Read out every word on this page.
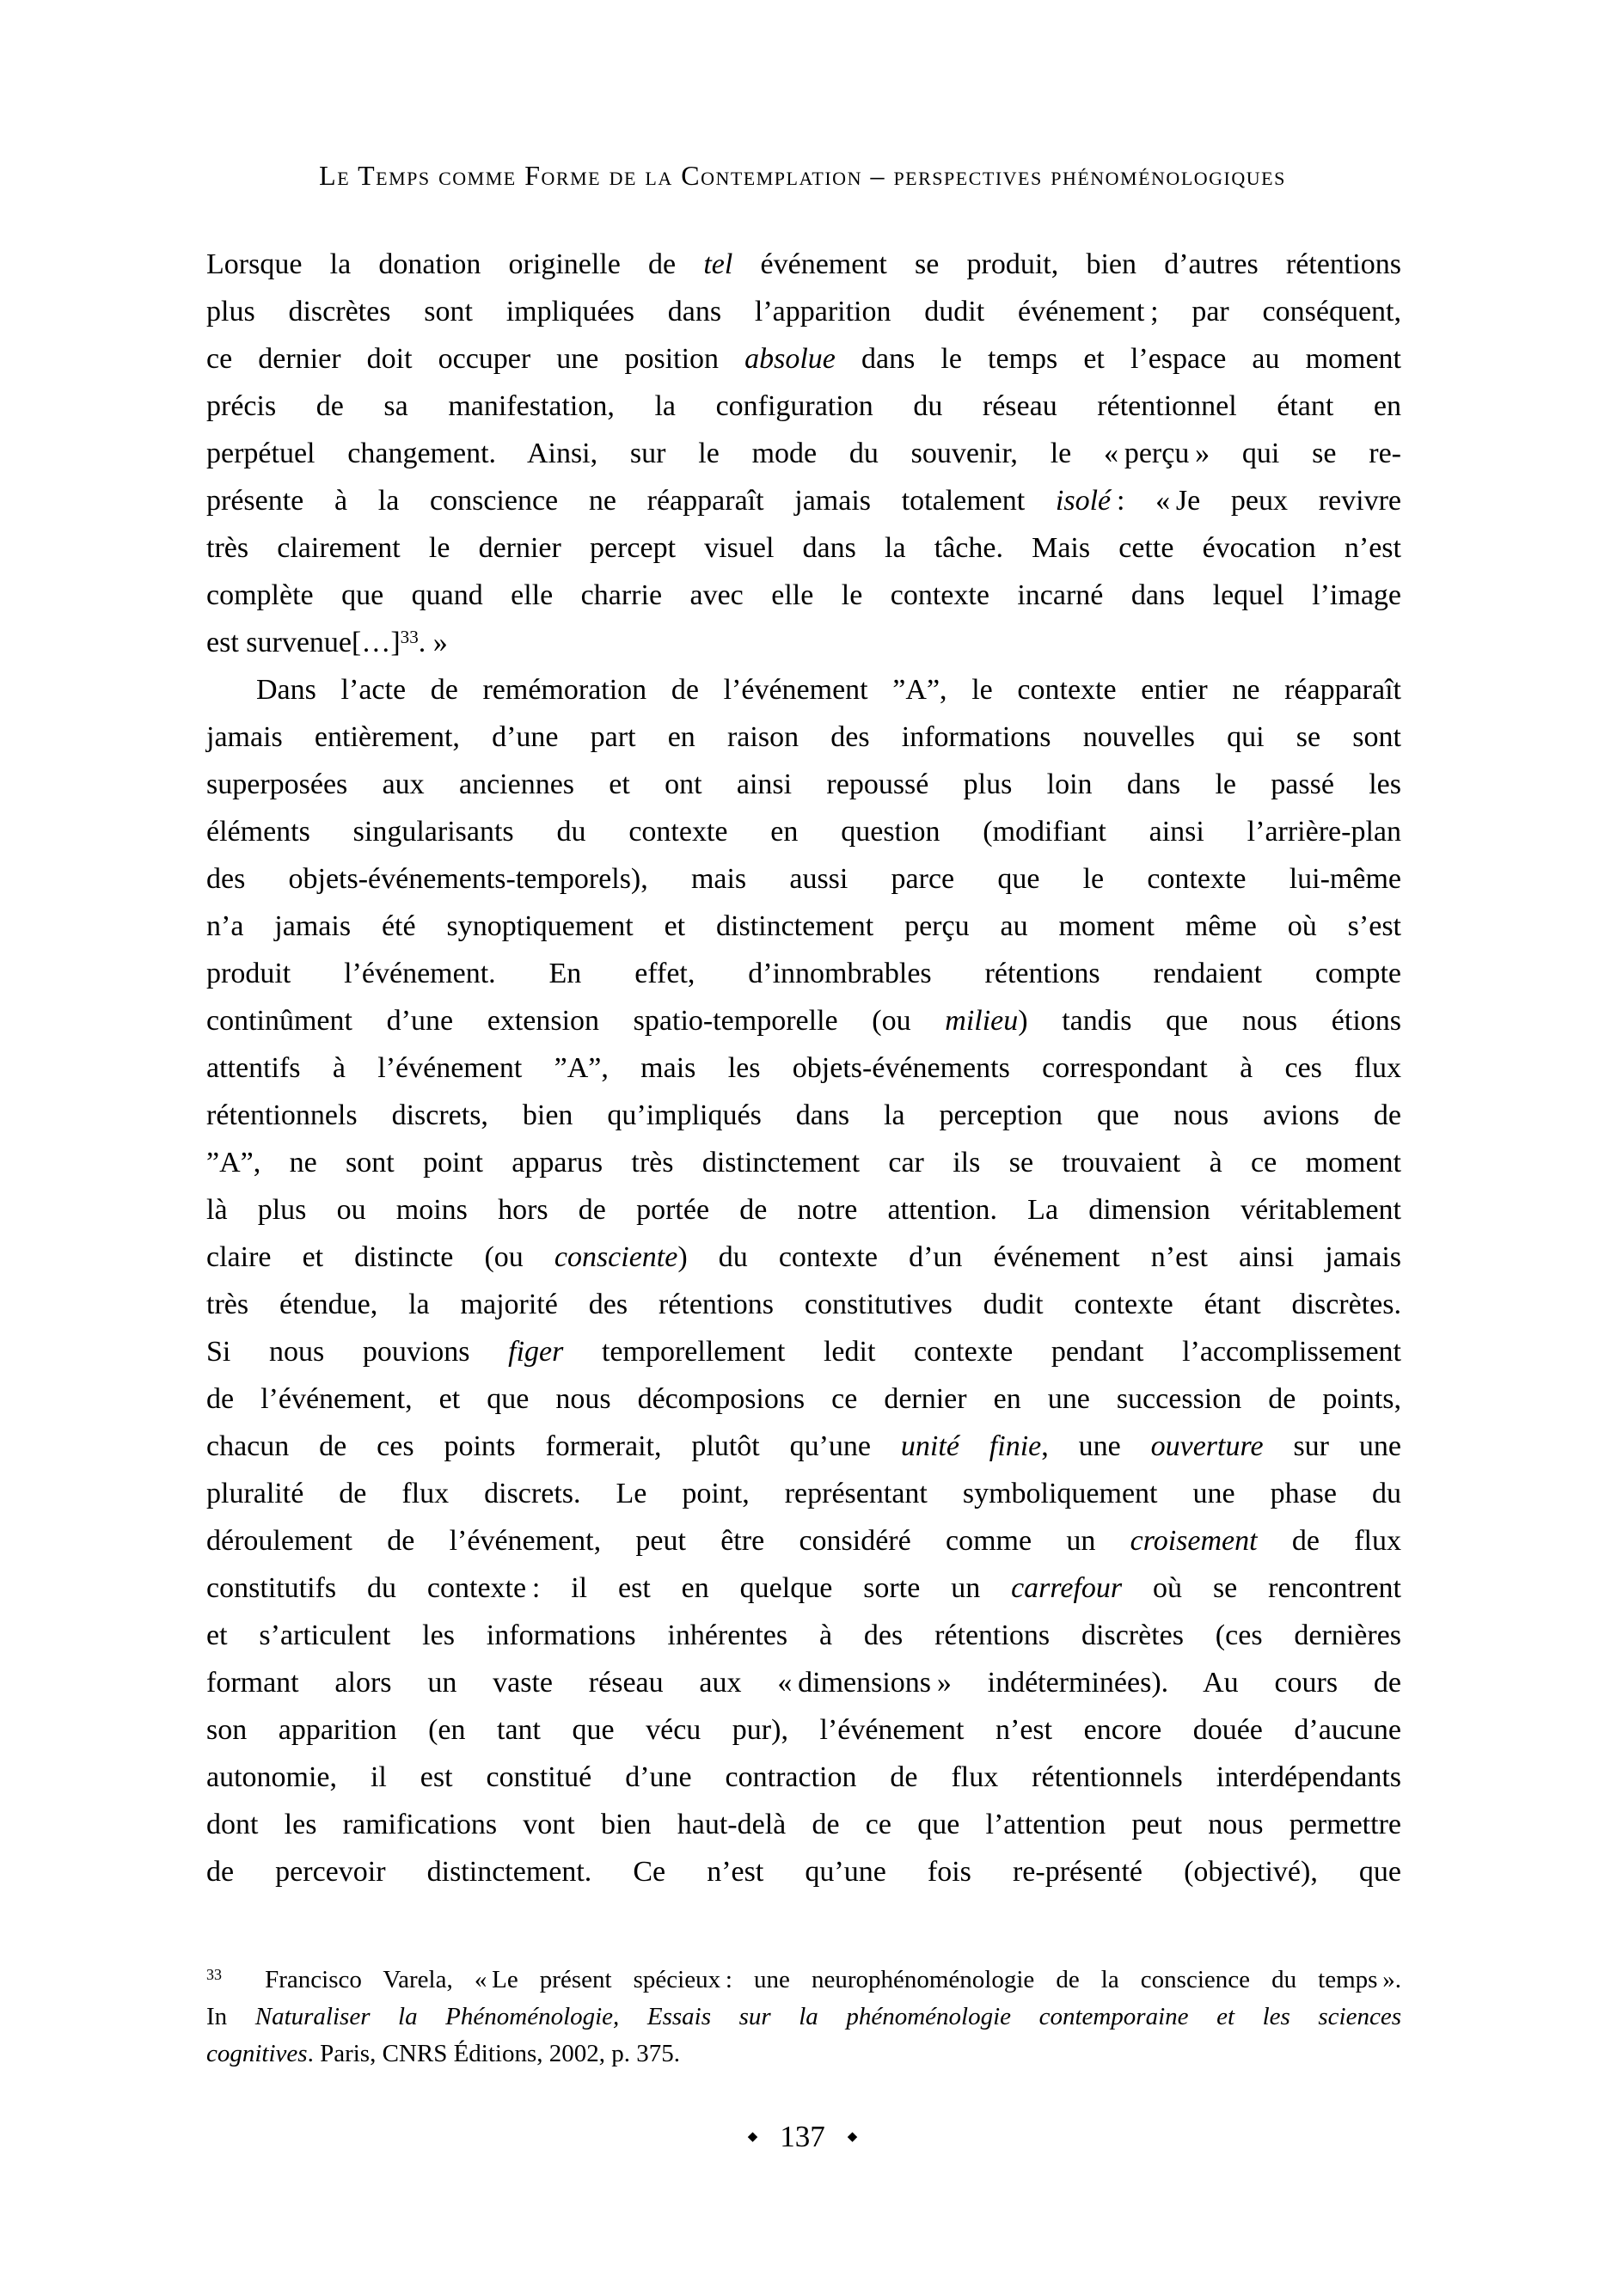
Le Temps comme Forme de la Contemplation – perspectives phénoménologiques
Lorsque la donation originelle de tel événement se produit, bien d’autres rétentions
plus discrètes sont impliquées dans l’apparition dudit événement ; par conséquent,
ce dernier doit occuper une position absolue dans le temps et l’espace au moment
précis de sa manifestation, la configuration du réseau rétentionnel étant en
perpétuel changement. Ainsi, sur le mode du souvenir, le « perçu » qui se re-
présente à la conscience ne réapparaît jamais totalement isolé : « Je peux revivre
très clairement le dernier percept visuel dans la tâche. Mais cette évocation n’est
complète que quand elle charrie avec elle le contexte incarné dans lequel l’image
est survenue[…]$^{33}$. »
Dans l’acte de remémoration de l’événement ”A”, le contexte entier ne réapparaît
jamais entièrement, d’une part en raison des informations nouvelles qui se sont
superposées aux anciennes et ont ainsi repoussé plus loin dans le passé les
éléments singularisants du contexte en question (modifiant ainsi l’arrière-plan
des objets-événements-temporels), mais aussi parce que le contexte lui-même
n’a jamais été synoptiquement et distinctement perçu au moment même où s’est
produit l’événement. En effet, d’innombrables rétentions rendaient compte
continûment d’une extension spatio-temporelle (ou milieu) tandis que nous étions
attentifs à l’événement ”A”, mais les objets-événements correspondant à ces flux
rétentionnels discrets, bien qu’impliqués dans la perception que nous avions de
”A”, ne sont point apparus très distinctement car ils se trouvaient à ce moment
là plus ou moins hors de portée de notre attention. La dimension véritablement
claire et distincte (ou consciente) du contexte d’un événement n’est ainsi jamais
très étendue, la majorité des rétentions constitutives dudit contexte étant discrètes.
Si nous pouvions figer temporellement ledit contexte pendant l’accomplissement
de l’événement, et que nous décomposions ce dernier en une succession de points,
chacun de ces points formerait, plutôt qu’une unité finie, une ouverture sur une
pluralité de flux discrets. Le point, représentant symboliquement une phase du
déroulement de l’événement, peut être considéré comme un croisement de flux
constitutifs du contexte : il est en quelque sorte un carrefour où se rencontrent
et s’articulent les informations inhérentes à des rétentions discrètes (ces dernières
formant alors un vaste réseau aux « dimensions » indéterminées). Au cours de
son apparition (en tant que vécu pur), l’événement n’est encore douée d’aucune
autonomie, il est constitué d’une contraction de flux rétentionnels interdépendants
dont les ramifications vont bien haut-delà de ce que l’attention peut nous permettre
de percevoir distinctement. Ce n’est qu’une fois re-présenté (objectivé), que
$^{33}$  Francisco Varela, « Le présent spécieux : une neurophénoménologie de la conscience du temps ».
In Naturaliser la Phénoménologie, Essais sur la phénoménologie contemporaine et les sciences
cognitives. Paris, CNRS Éditions, 2002, p. 375.
◆ 137 ◆
